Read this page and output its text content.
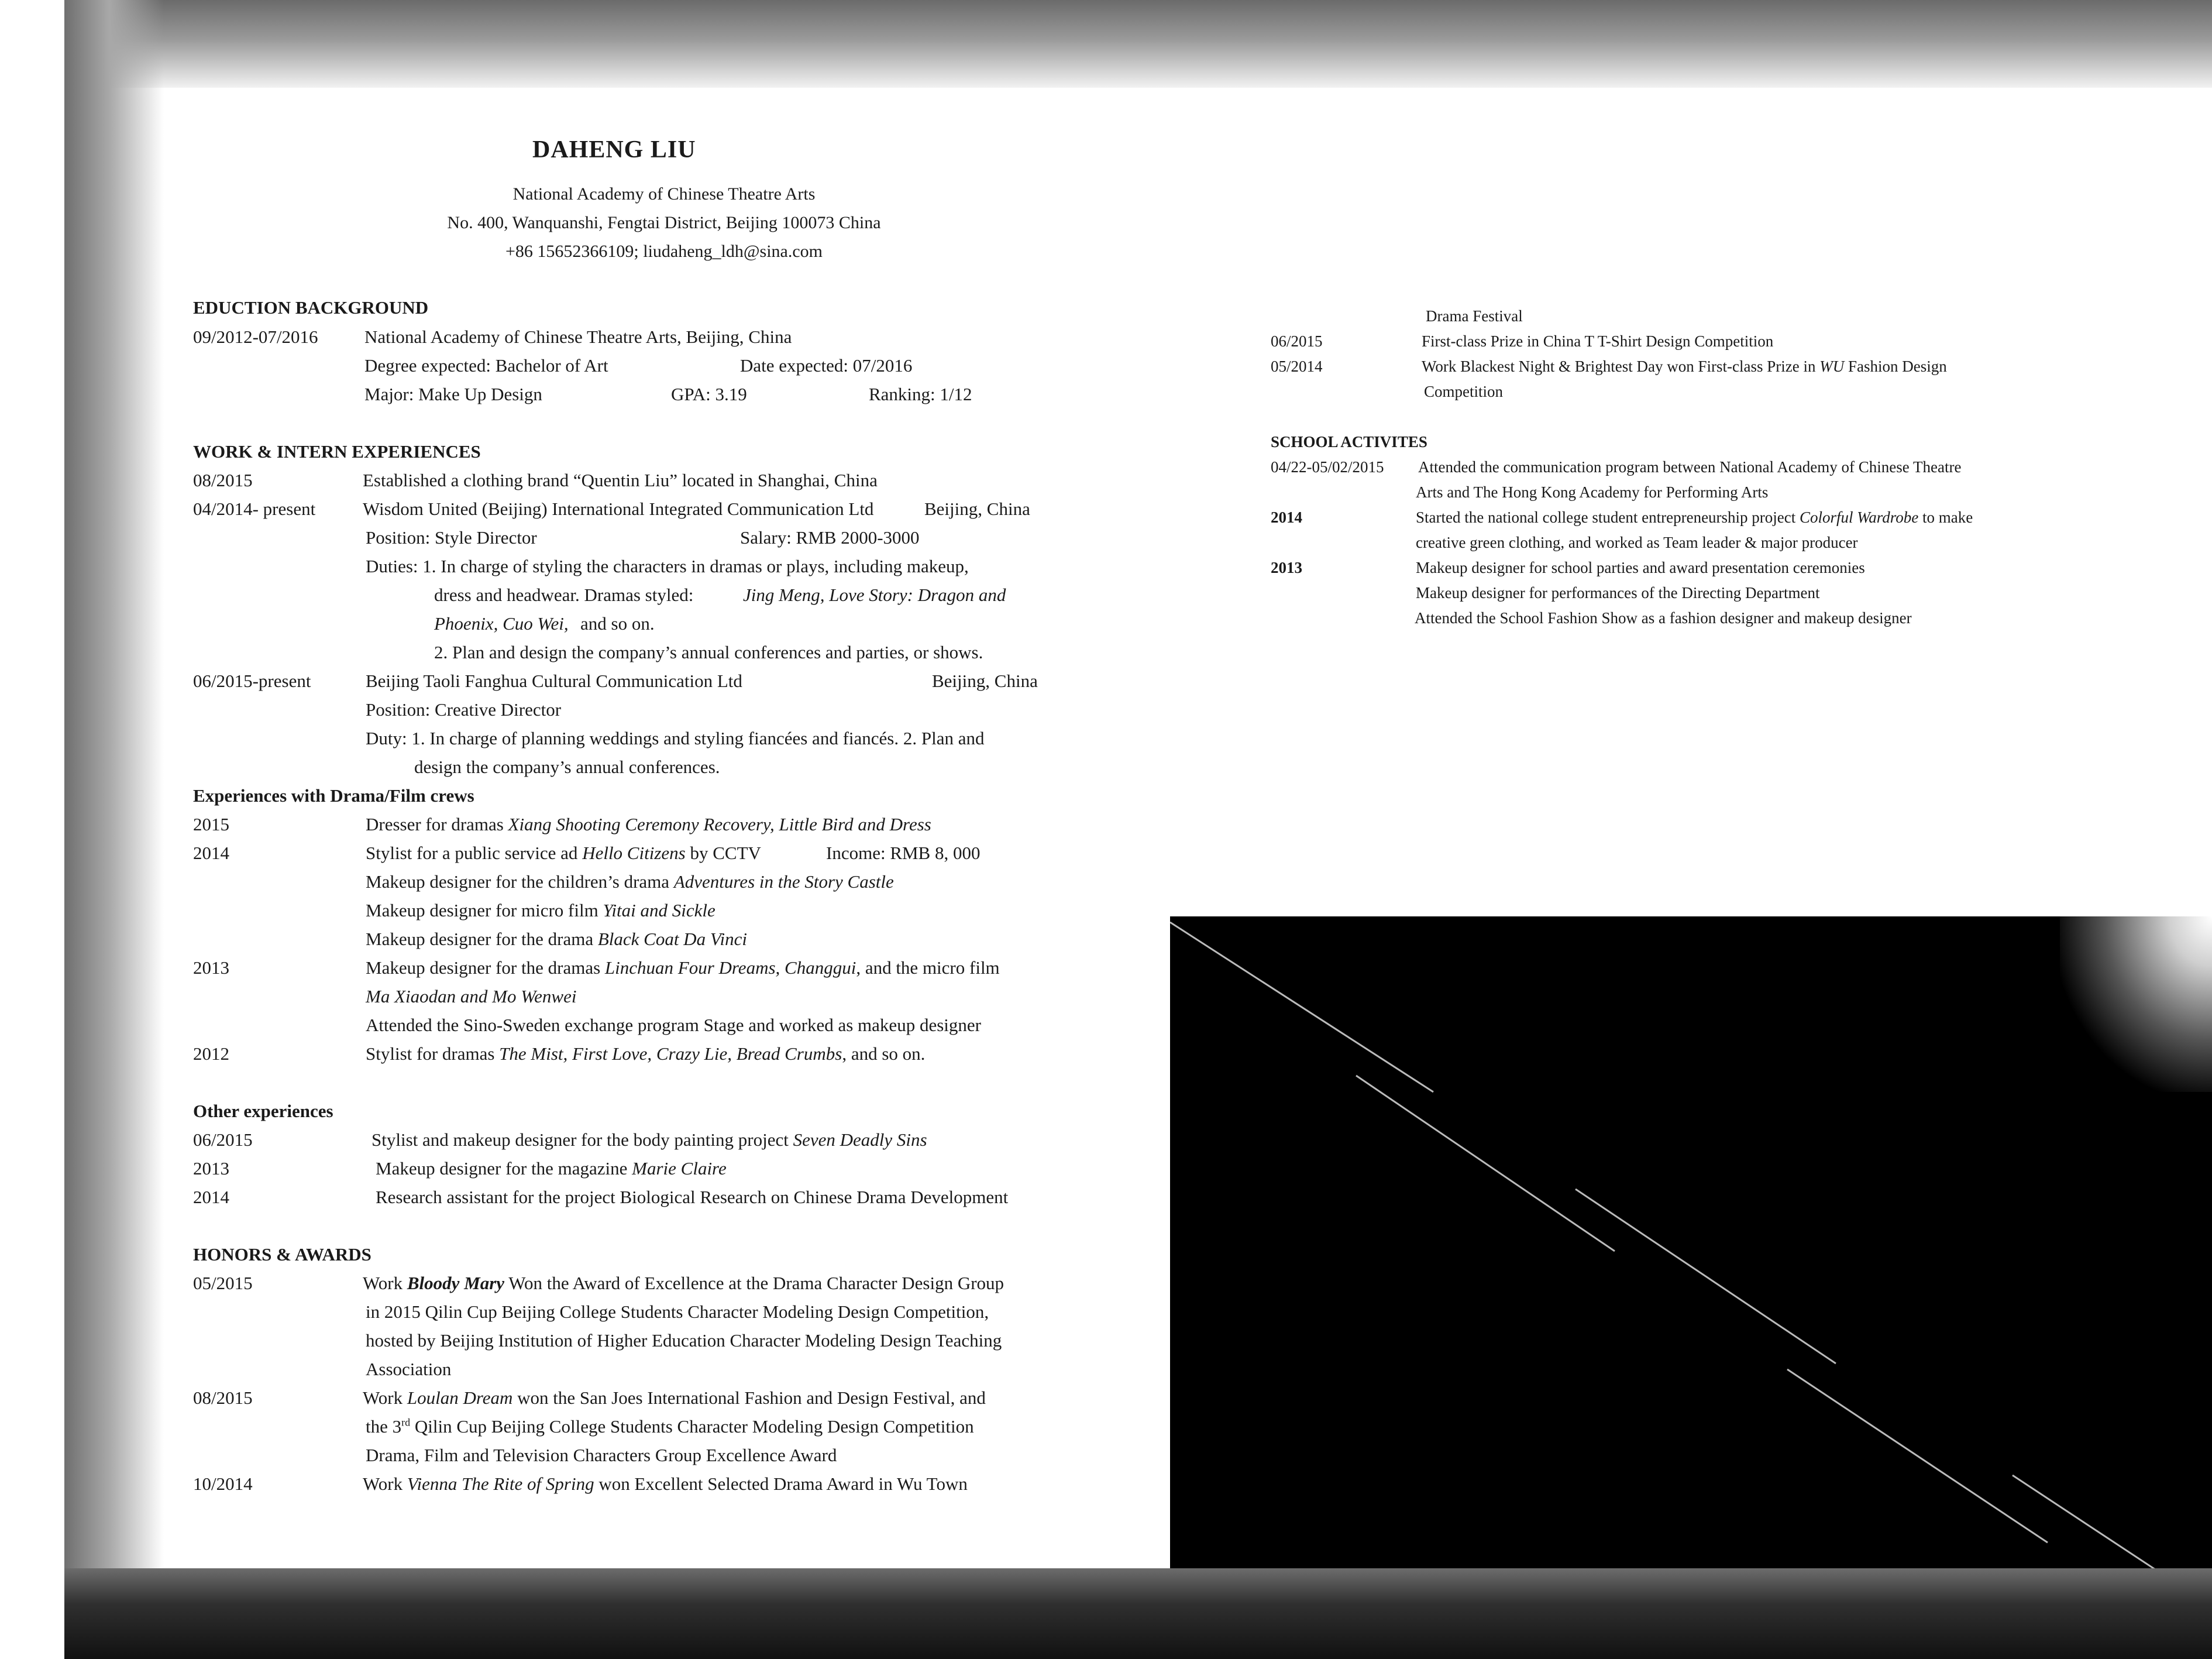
DAHENG LIU
National Academy of Chinese Theatre Arts
No. 400, Wanquanshi, Fengtai District, Beijing 100073 China
+86 15652366109; liudaheng_ldh@sina.com
EDUCTION BACKGROUND
09/2012-07/2016	National Academy of Chinese Theatre Arts, Beijing, China
Degree expected: Bachelor of Art	Date expected: 07/2016
Major: Make Up Design	GPA: 3.19	Ranking: 1/12
WORK & INTERN EXPERIENCES
08/2015	Established a clothing brand “Quentin Liu” located in Shanghai, China
04/2014- present	Wisdom United (Beijing) International Integrated Communication Ltd	Beijing, China
Position: Style Director	Salary: RMB 2000-3000
Duties: 1. In charge of styling the characters in dramas or plays, including makeup,
dress and headwear. Dramas styled:	Jing Meng, Love Story: Dragon and
Phoenix, Cuo Wei, and so on.
2. Plan and design the company’s annual conferences and parties, or shows.
06/2015-present	Beijing Taoli Fanghua Cultural Communication Ltd	Beijing, China
Position: Creative Director
Duty: 1. In charge of planning weddings and styling fiancées and fiancés. 2. Plan and
design the company’s annual conferences.
Experiences with Drama/Film crews
2015	Dresser for dramas Xiang Shooting Ceremony Recovery, Little Bird and Dress
2014	Stylist for a public service ad Hello Citizens by CCTV	Income: RMB 8, 000
Makeup designer for the children’s drama Adventures in the Story Castle
Makeup designer for micro film Yitai and Sickle
Makeup designer for the drama Black Coat Da Vinci
2013	Makeup designer for the dramas Linchuan Four Dreams, Changgui, and the micro film
Ma Xiaodan and Mo Wenwei
Attended the Sino-Sweden exchange program Stage and worked as makeup designer
2012	Stylist for dramas The Mist, First Love, Crazy Lie, Bread Crumbs, and so on.
Other experiences
06/2015	Stylist and makeup designer for the body painting project Seven Deadly Sins
2013	Makeup designer for the magazine Marie Claire
2014	Research assistant for the project Biological Research on Chinese Drama Development
HONORS & AWARDS
05/2015	Work Bloody Mary Won the Award of Excellence at the Drama Character Design Group
in 2015 Qilin Cup Beijing College Students Character Modeling Design Competition,
hosted by Beijing Institution of Higher Education Character Modeling Design Teaching
Association
08/2015	Work Loulan Dream won the San Joes International Fashion and Design Festival, and
the 3rd Qilin Cup Beijing College Students Character Modeling Design Competition
Drama, Film and Television Characters Group Excellence Award
10/2014	Work Vienna The Rite of Spring won Excellent Selected Drama Award in Wu Town
Drama Festival
06/2015	First-class Prize in China T T-Shirt Design Competition
05/2014	Work Blackest Night & Brightest Day won First-class Prize in WU Fashion Design
Competition
SCHOOL ACTIVITES
04/22-05/02/2015 Attended the communication program between National Academy of Chinese Theatre
Arts and The Hong Kong Academy for Performing Arts
2014	Started the national college student entrepreneurship project Colorful Wardrobe to make
creative green clothing, and worked as Team leader & major producer
2013	Makeup designer for school parties and award presentation ceremonies
Makeup designer for performances of the Directing Department
Attended the School Fashion Show as a fashion designer and makeup designer
